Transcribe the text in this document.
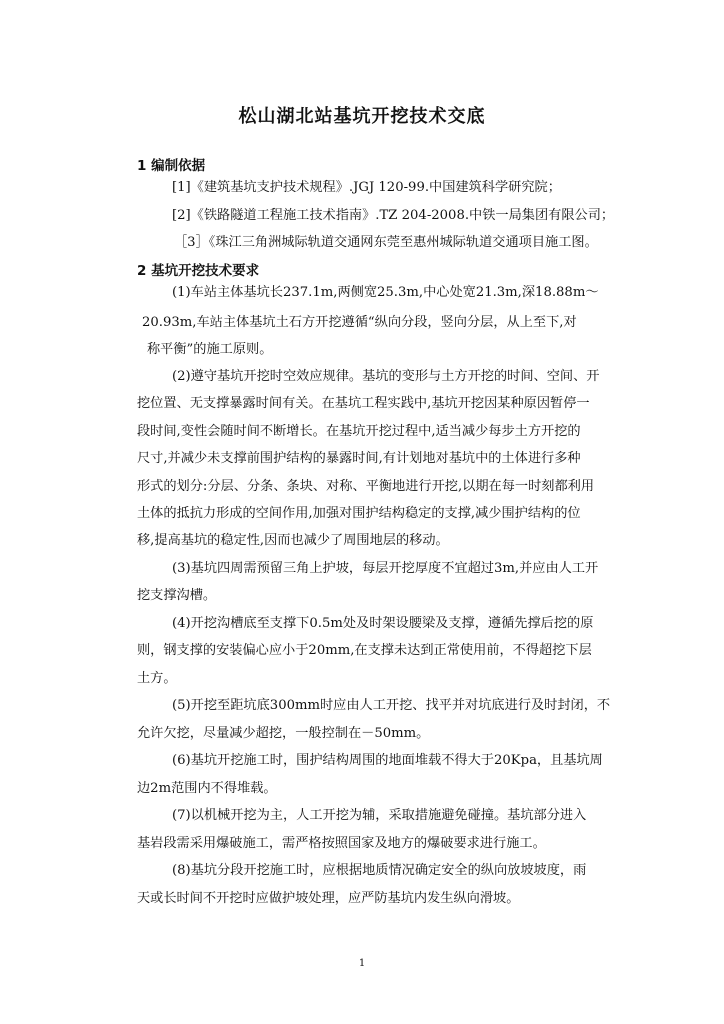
松山湖北站基坑开挖技术交底
1 编制依据
[1]《建筑基坑支护技术规程》.JGJ 120-99.中国建筑科学研究院；
[2]《铁路隧道工程施工技术指南》.TZ 204-2008.中铁一局集团有限公司；
［3］《珠江三角洲城际轨道交通网东莞至惠州城际轨道交通项目施工图。
2 基坑开挖技术要求
(1)车站主体基坑长237.1m,两侧宽25.3m,中心处宽21.3m,深18.88m～
20.93m,车站主体基坑土石方开挖遵循“纵向分段，竖向分层，从上至下,对
称平衡”的施工原则。
(2)遵守基坑开挖时空效应规律。基坑的变形与土方开挖的时间、空间、开
挖位置、无支撑暴露时间有关。在基坑工程实践中,基坑开挖因某种原因暂停一
段时间,变性会随时间不断增长。在基坑开挖过程中,适当减少每步土方开挖的
尺寸,并减少未支撑前围护结构的暴露时间,有计划地对基坑中的土体进行多种
形式的划分:分层、分条、条块、对称、平衡地进行开挖,以期在每一时刻都利用
土体的抵抗力形成的空间作用,加强对围护结构稳定的支撑,减少围护结构的位
移,提高基坑的稳定性,因而也减少了周围地层的移动。
(3)基坑四周需预留三角上护坡，每层开挖厚度不宜超过3m,并应由人工开
挖支撑沟槽。
(4)开挖沟槽底至支撑下0.5m处及时架设腰梁及支撑，遵循先撑后挖的原
则，钢支撑的安装偏心应小于20mm,在支撑未达到正常使用前，不得超挖下层
土方。
(5)开挖至距坑底300mm时应由人工开挖、找平并对坑底进行及时封闭，不
允许欠挖，尽量减少超挖，一般控制在－50mm。
(6)基坑开挖施工时，围护结构周围的地面堆载不得大于20Kpa，且基坑周
边2m范围内不得堆载。
(7)以机械开挖为主，人工开挖为辅，采取措施避免碰撞。基坑部分进入
基岩段需采用爆破施工，需严格按照国家及地方的爆破要求进行施工。
(8)基坑分段开挖施工时，应根据地质情况确定安全的纵向放坡坡度，雨
天或长时间不开挖时应做护坡处理，应严防基坑内发生纵向滑坡。
1
